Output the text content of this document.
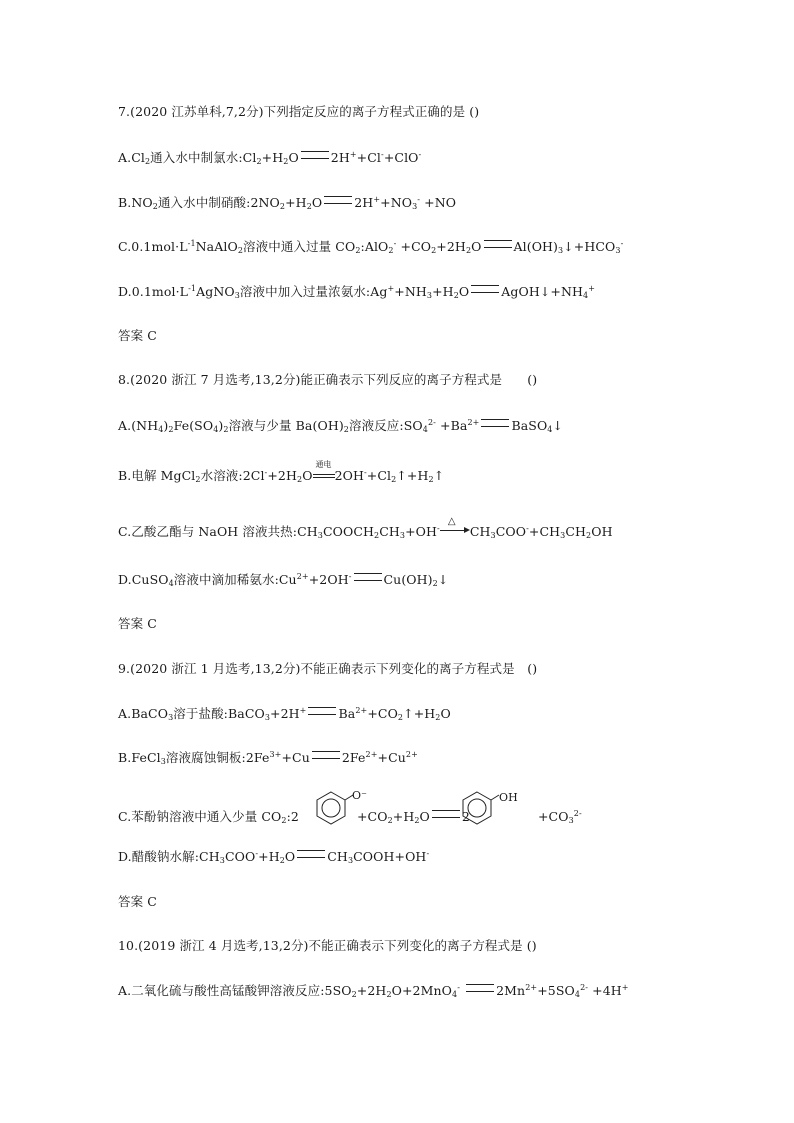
7.(2020 江苏单科,7,2分)下列指定反应的离子方程式正确的是 ()
$A.Cl_2$通入水中制氯水$:Cl_2+H_2O$	2H++Cl-+ClO-
$B.NO_2$通入水中制硝酸$:2NO_2+H_2O$	$2H^++NO_3^- +NO$
$C.0.1mol\cdot L^{-1}NaAlO_2$溶液中通入过量 $CO_2:AlO_2^- +CO_2+2H_2O$	$Al(OH)_3↓+HCO_3^-$
$D.0.1mol\cdot L^{-1}AgNO_3$溶液中加入过量浓氨水$:Ag^++NH_3+H_2O$	$AgOH↓+NH_4^+$
答案 C
8.(2020 浙江 7 月选考,13,2分)能正确表示下列反应的离子方程式是　　()
$A.(NH_4)_2Fe(SO_4)_2$溶液与少量 $Ba(OH)_2$溶液反应$:SO_4^{2-} +Ba^{2+}$	BaSO$_4$↓
B.电解 MgCl$_2$水溶液$:2Cl^-+2H_2O$
通电
$2OH^-+Cl_2↑+H_2↑$
C.乙酸乙酯与 NaOH 溶液共热$:CH_3COOCH_2CH_3+OH^-$
△
$CH_3COO^-+CH_3CH_2OH$
D.CuSO$_4$溶液中滴加稀氨水$:Cu^{2+}+2OH^-$	$Cu(OH)_2↓$
答案 C
9.(2020 浙江 1 月选考,13,2分)不能正确表示下列变化的离子方程式是　()
A.BaCO$_3$溶于盐酸:BaCO$_3$+2H+	$Ba^{2+}+CO_2↑+H_2O$
B.FeCl$_3$溶液腐蚀铜板$:2Fe^{3+}+Cu$	$2Fe^{2+}+Cu^{2+}$
C.苯酚钠溶液中通入少量 $CO_2:2$	$+CO_2+H_2O$	2	$+CO_3^{2-}$
O⁻	OH
D.醋酸钠水解$:CH_3COO^-+H_2O$	$CH_3COOH+OH^-$
答案 C
10.(2019 浙江 4 月选考,13,2分)不能正确表示下列变化的离子方程式是 ()
A.二氧化硫与酸性高锰酸钾溶液反应$:5SO_2+2H_2O+2MnO_4^-$	$2Mn^{2+}+5SO_4^{2-} +4H^+$
